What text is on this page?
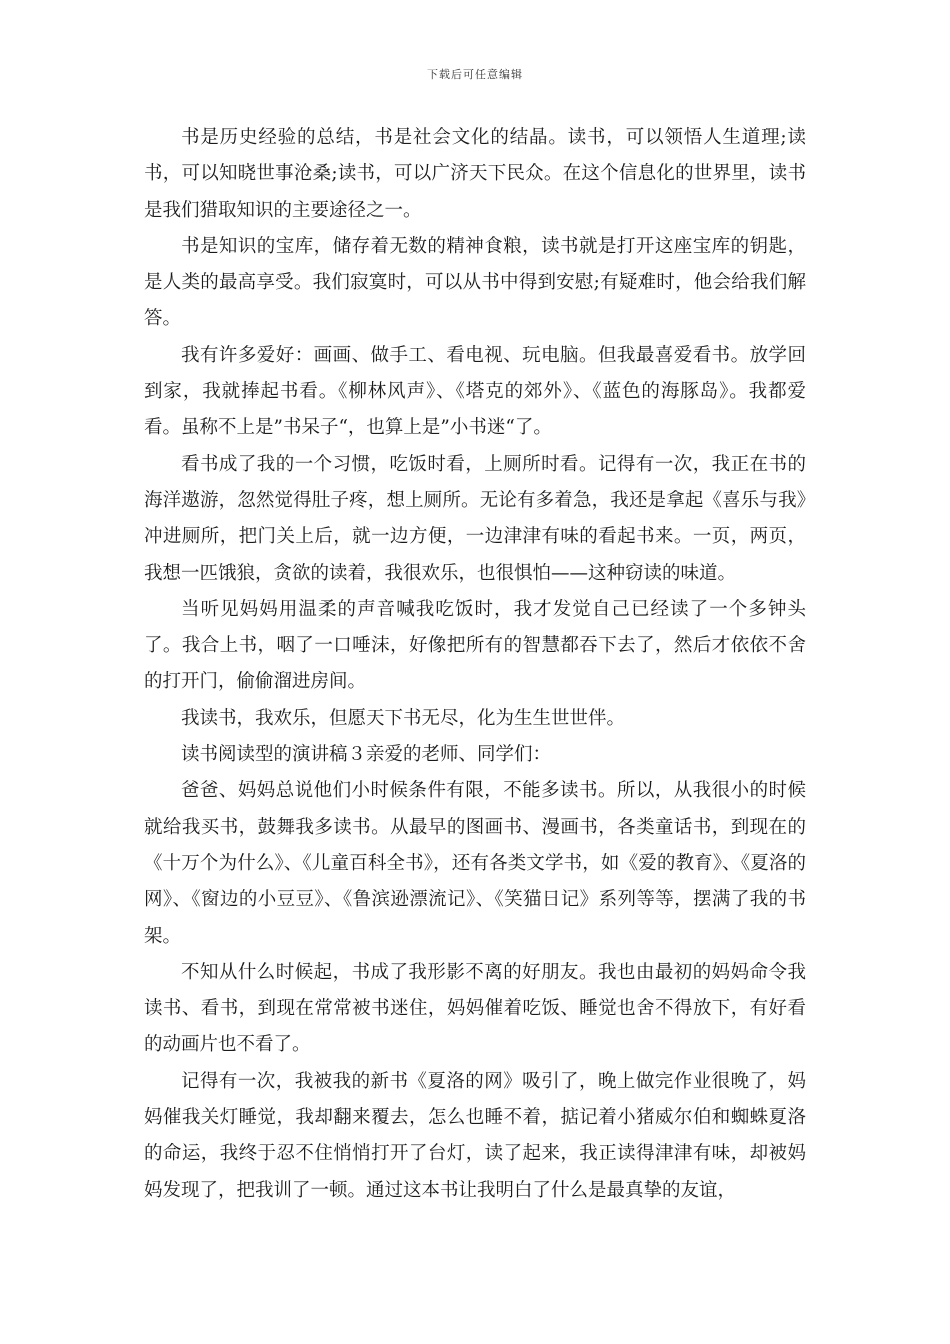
下载后可任意编辑

书是历史经验的总结，书是社会文化的结晶。读书，可以领悟人生道理;读书，可以知晓世事沧桑;读书，可以广济天下民众。在这个信息化的世界里，读书是我们猎取知识的主要途径之一。

书是知识的宝库，储存着无数的精神食粮，读书就是打开这座宝库的钥匙，是人类的最高享受。我们寂寞时，可以从书中得到安慰;有疑难时，他会给我们解答。

我有许多爱好：画画、做手工、看电视、玩电脑。但我最喜爱看书。放学回到家，我就捧起书看。《柳林风声》、《塔克的郊外》、《蓝色的海豚岛》。我都爱看。虽称不上是”书呆子“，也算上是”小书迷“了。

看书成了我的一个习惯，吃饭时看，上厕所时看。记得有一次，我正在书的海洋遨游，忽然觉得肚子疼，想上厕所。无论有多着急，我还是拿起《喜乐与我》冲进厕所，把门关上后，就一边方便，一边津津有味的看起书来。一页，两页，我想一匹饿狼，贪欲的读着，我很欢乐，也很惧怕——这种窃读的味道。

当听见妈妈用温柔的声音喊我吃饭时，我才发觉自己已经读了一个多钟头了。我合上书，咽了一口唾沫，好像把所有的智慧都吞下去了，然后才依依不舍的打开门，偷偷溜进房间。

我读书，我欢乐，但愿天下书无尽，化为生生世世伴。

读书阅读型的演讲稿３亲爱的老师、同学们：

爸爸、妈妈总说他们小时候条件有限，不能多读书。所以，从我很小的时候就给我买书，鼓舞我多读书。从最早的图画书、漫画书，各类童话书，到现在的《十万个为什么》、《儿童百科全书》，还有各类文学书，如《爱的教育》、《夏洛的网》、《窗边的小豆豆》、《鲁滨逊漂流记》、《笑猫日记》系列等等，摆满了我的书架。

不知从什么时候起，书成了我形影不离的好朋友。我也由最初的妈妈命令我读书、看书，到现在常常被书迷住，妈妈催着吃饭、睡觉也舍不得放下，有好看的动画片也不看了。

记得有一次，我被我的新书《夏洛的网》吸引了，晚上做完作业很晚了，妈妈催我关灯睡觉，我却翻来覆去，怎么也睡不着，掂记着小猪威尔伯和蜘蛛夏洛的命运，我终于忍不住悄悄打开了台灯，读了起来，我正读得津津有味，却被妈妈发现了，把我训了一顿。通过这本书让我明白了什么是最真挚的友谊，
